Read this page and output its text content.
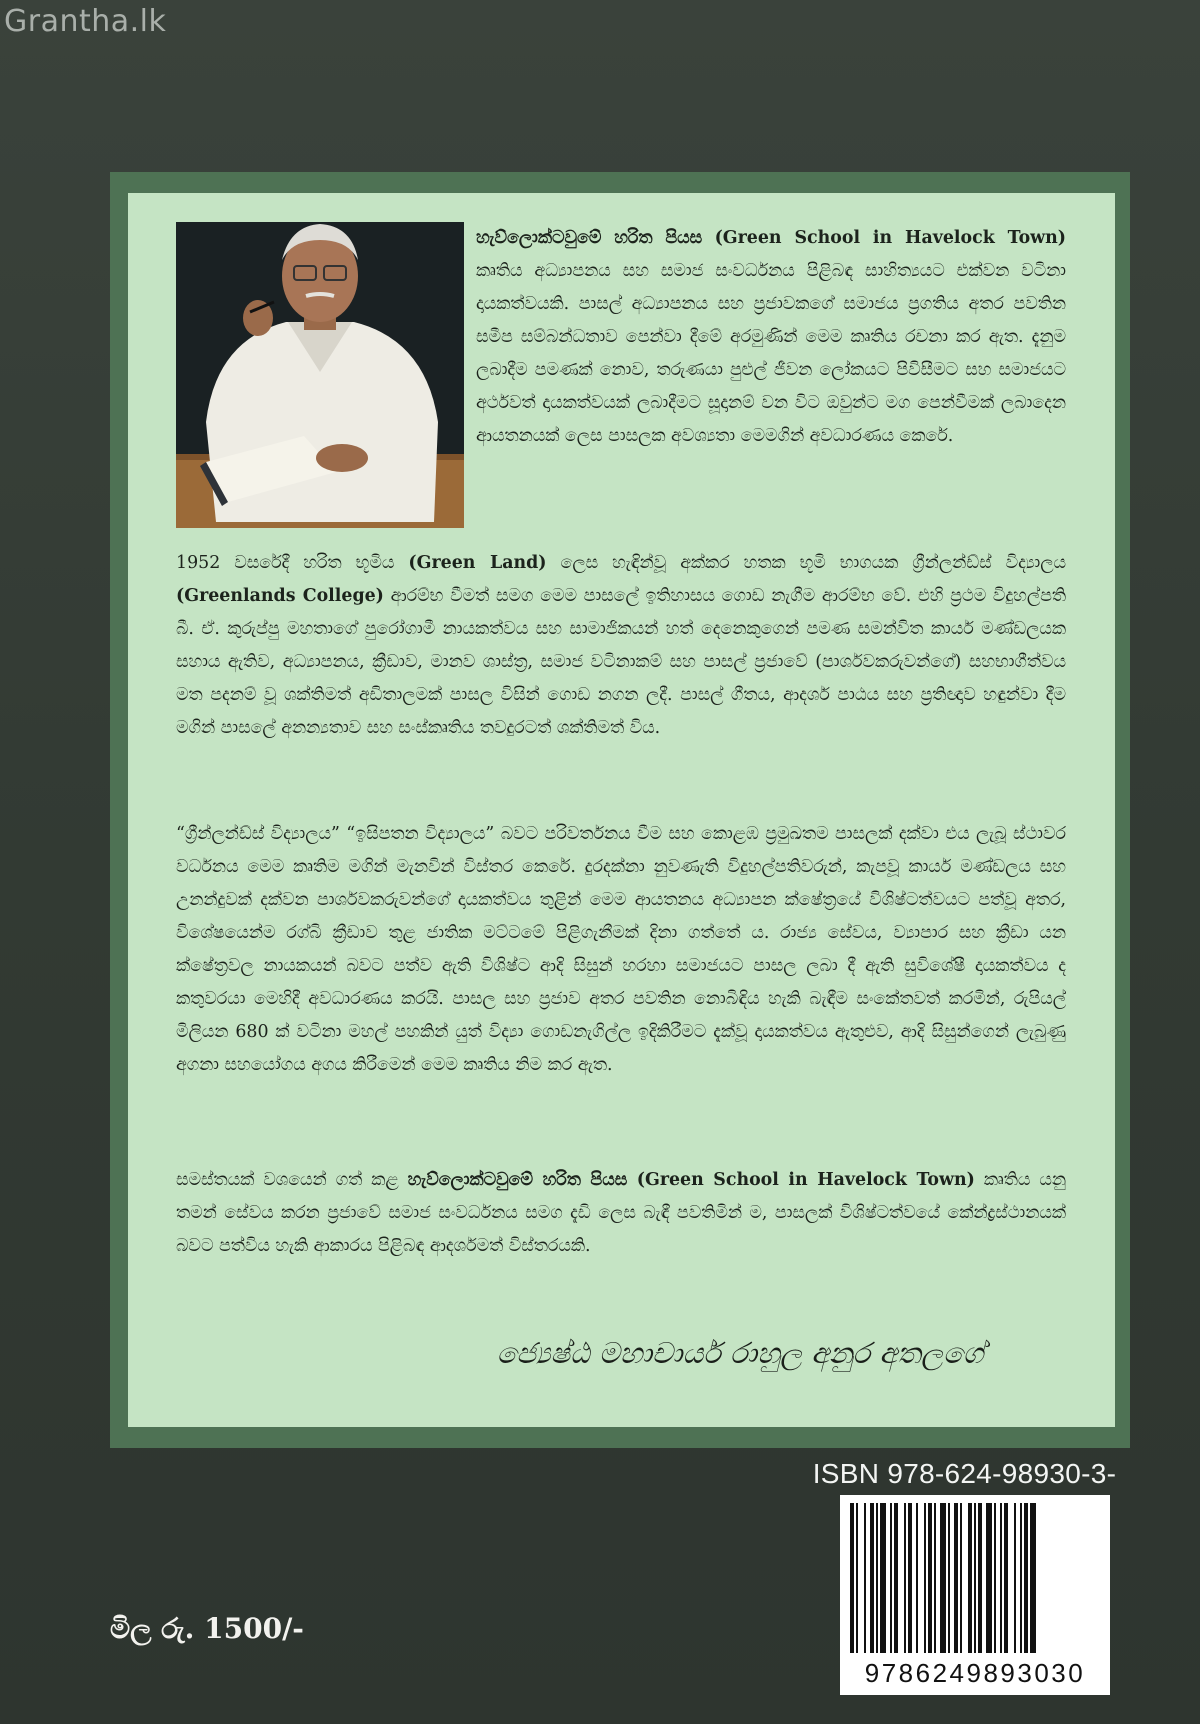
Grantha.lk
හැව්ලොක්ටවුමේ හරිත පියස (Green School in Havelock Town) කෘතිය අධ්‍යාපනය සහ සමාජ සංවර්ධනය පිළිබඳ සාහිත්‍යයට එක්වන වටිනා දායකත්වයකි. පාසල් අධ්‍යාපනය සහ ප්‍රජාවකගේ සමාජය ප්‍රගතිය අතර පවතින සමීප සම්බන්ධතාව පෙන්වා දීමේ අරමුණින් මෙම කෘතිය රචනා කර ඇත. දැනුම ලබාදීම පමණක් නොව, තරුණයා පුළුල් ජීවන ලෝකයට පිවිසීමට සහ සමාජයට අර්ථවත් දායකත්වයක් ලබාදීමට සූදානම් වන විට ඔවුන්ට මග පෙන්වීමක් ලබාදෙන ආයතනයක් ලෙස පාසලක අවශ්‍යතා මෙමගින් අවධාරණය කෙරේ.
1952 වසරේදී හරිත භූමිය (Green Land) ලෙස හැඳින්වූ අක්කර හතක භූමි භාගයක ග්‍රීන්ලන්ඩ්ස් විද්‍යාලය (Greenlands College) ආරම්භ වීමත් සමග මෙම පාසලේ ඉතිහාසය ගොඩ නැගීම ආරම්භ වේ. එහි ප්‍රථම විදුහල්පති බී. ඒ. කුරුප්පු මහතාගේ පුරෝගාමී නායකත්වය සහ සාමාජිකයන් හත් දෙනෙකුගෙන් පමණ සමන්විත කාර්ය මණ්ඩලයක සහාය ඇතිව, අධ්‍යාපනය, ක්‍රීඩාව, මානව ශාස්ත්‍ර, සමාජ වටිනාකම් සහ පාසල් ප්‍රජාවේ (පාර්ශවකරුවන්ගේ) සහභාගීත්වය මත පදනම් වූ ශක්තිමත් අඩිතාලමක් පාසල විසින් ගොඩ නගන ලදී. පාසල් ගීතය, ආදර්ශ පාඨය සහ ප්‍රතිඥාව හඳුන්වා දීම මගින් පාසලේ අනන්‍යතාව සහ සංස්කෘතිය තවදුරටත් ශක්තිමත් විය.
“ග්‍රීන්ලන්ඩ්ස් විද්‍යාලය” “ඉසිපතන විද්‍යාලය” බවට පරිවර්තනය වීම සහ කොළඹ ප්‍රමුඛතම පාසලක් දක්වා එය ලැබූ ස්ථාවර වර්ධනය මෙම කෘතිම මගින් මැනවින් විස්තර කෙරේ. දුරදක්නා නුවණැති විදුහල්පතිවරුන්, කැපවූ කාර්ය මණ්ඩලය සහ උනන්දුවක් දක්වන පාර්ශවකරුවන්ගේ දායකත්වය තුළින් මෙම ආයතනය අධ්‍යාපන ක්ෂේත්‍රයේ විශිෂ්ටත්වයට පත්වූ අතර, විශේෂයෙන්ම රග්බි ක්‍රීඩාව තුළ ජාතික මට්ටමේ පිළිගැනීමක් දිනා ගත්තේ ය. රාජ්‍ය සේවය, ව්‍යාපාර සහ ක්‍රීඩා යන ක්ෂේත්‍රවල නායකයන් බවට පත්ව ඇති විශිෂ්ට ආදි සිසුන් හරහා සමාජයට පාසල ලබා දී ඇති සුවිශේෂී දායකත්වය ද කතුවරයා මෙහිදී අවධාරණය කරයි. පාසල සහ ප්‍රජාව අතර පවතින නොබිඳිය හැකි බැඳීම සංකේතවත් කරමින්, රුපියල් මිලියන 680 ක් වටිනා මහල් පහකින් යුත් විද්‍යා ගොඩනැගිල්ල ඉදිකිරීමට දැක්වූ දායකත්වය ඇතුළුව, ආදි සිසුන්ගෙන් ලැබුණු අගනා සහයෝගය අගය කිරීමෙන් මෙම කෘතිය නිම කර ඇත.
සමස්තයක් වශයෙන් ගත් කළ හැව්ලොක්ටවුමේ හරිත පියස (Green School in Havelock Town) කෘතිය යනු තමන් සේවය කරන ප්‍රජාවේ සමාජ සංවර්ධනය සමග දැඩි ලෙස බැඳී පවතිමින් ම, පාසලක් විශිෂ්ටත්වයේ කේන්ද්‍රස්ථානයක් බවට පත්විය හැකි ආකාරය පිළිබඳ ආදර්ශමත් විස්තරයකි.
ජ්‍යෙෂ්ඨ මහාචාර්ය රාහුල අනුර අතලගේ
ISBN 978-624-98930-3-
9786249893030
මිල රු. 1500/-
